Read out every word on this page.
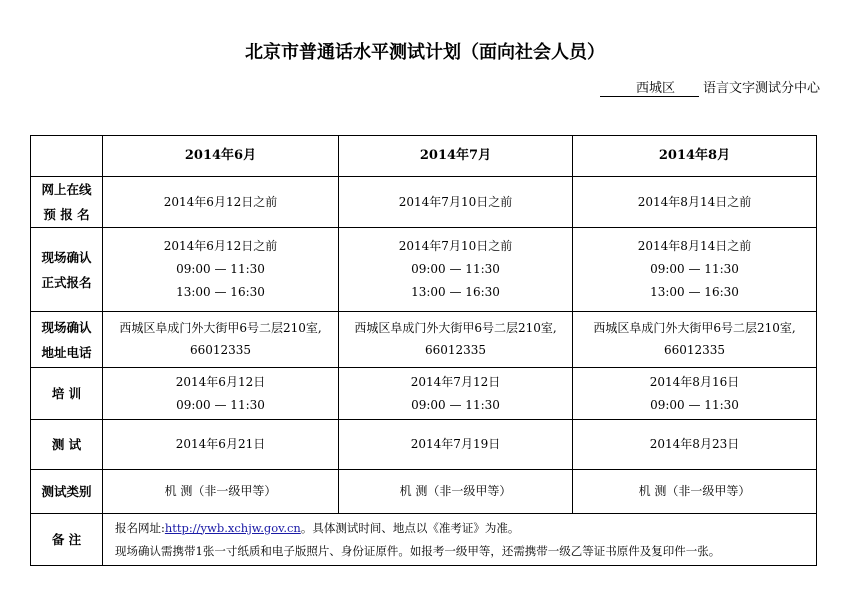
北京市普通话水平测试计划（面向社会人员）
西城区 语言文字测试分中心
	2014年6月	2014年7月	2014年8月

网上在线
预 报 名	2014年6月12日之前	2014年7月10日之前	2014年8月14日之前

现场确认
正式报名	2014年6月12日之前
09:00 — 11:30
13:00 — 16:30	2014年7月10日之前
09:00 — 11:30
13:00 — 16:30	2014年8月14日之前
09:00 — 11:30
13:00 — 16:30

现场确认
地址电话	西城区阜成门外大街甲6号二层210室,
66012335	西城区阜成门外大街甲6号二层210室,
66012335	西城区阜成门外大街甲6号二层210室,
66012335

培 训	2014年6月12日
09:00 — 11:30	2014年7月12日
09:00 — 11:30	2014年8月16日
09:00 — 11:30

测 试	2014年6月21日	2014年7月19日	2014年8月23日
测试类别	机 测（非一级甲等）	机 测（非一级甲等）	机 测（非一级甲等）
备 注	报名网址:http://ywb.xchjw.gov.cn。具体测试时间、地点以《准考证》为准。
现场确认需携带1张一寸纸质和电子版照片、身份证原件。如报考一级甲等，还需携带一级乙等证书原件及复印件一张。		
